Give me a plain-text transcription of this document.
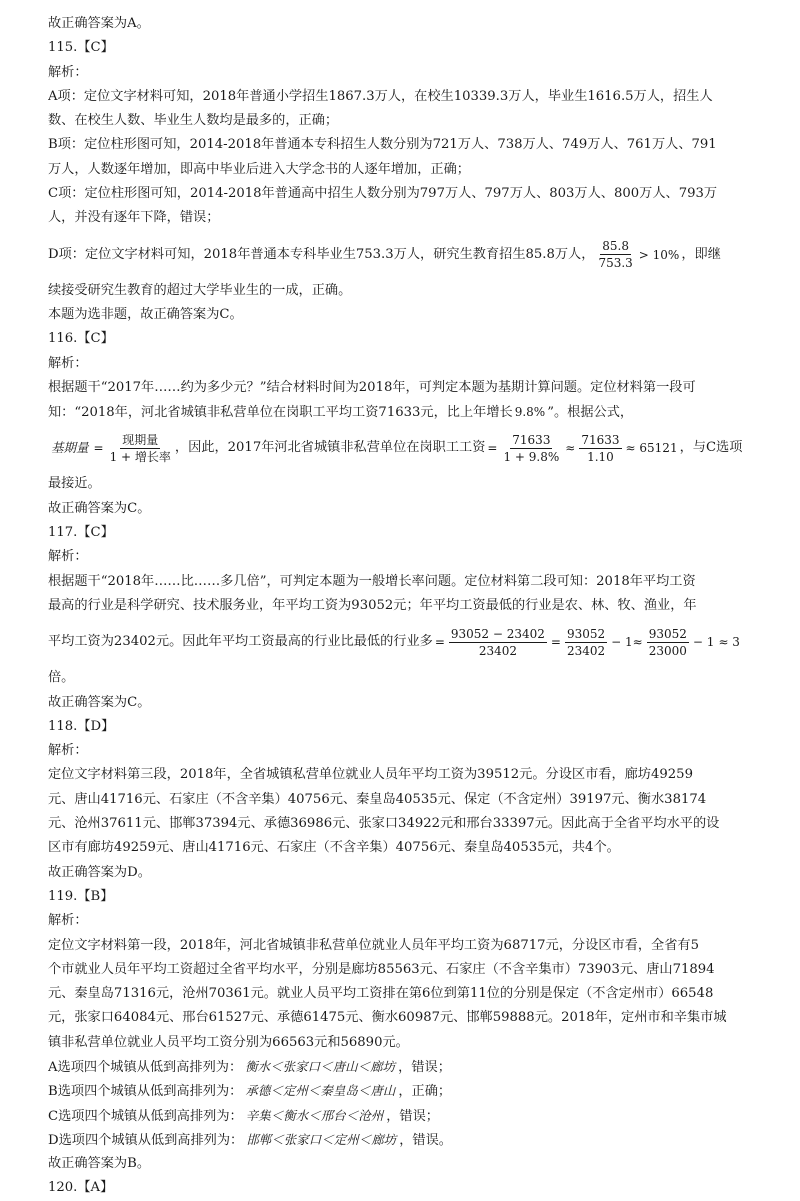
故正确答案为A。
115.【C】
解析：
A项：定位文字材料可知，2018年普通小学招生1867.3万人，在校生10339.3万人，毕业生1616.5万人，招生人
数、在校生人数、毕业生人数均是最多的，正确；
B项：定位柱形图可知，2014-2018年普通本专科招生人数分别为721万人、738万人、749万人、761万人、791
万人，人数逐年增加，即高中毕业后进入大学念书的人逐年增加，正确；
C项：定位柱形图可知，2014-2018年普通高中招生人数分别为797万人、797万人、803万人、800万人、793万
人，并没有逐年下降，错误；
D项：定位文字材料可知，2018年普通本专科毕业生753.3万人，研究生教育招生85.8万人， $\frac{85.8}{753.3} > 10\%$ ，即继
续接受研究生教育的超过大学毕业生的一成，正确。
本题为选非题，故正确答案为C。
116.【C】
解析：
根据题干“2017年……约为多少元？”结合材料时间为2018年，可判定本题为基期计算问题。定位材料第一段可
知：“2018年，河北省城镇非私营单位在岗职工平均工资71633元，比上年增长 9.8% ”。根据公式，
基期量 = $\frac{\text{现期量}}{\text{1 + 增长率}}$ ，因此，2017年河北省城镇非私营单位在岗职工工资 = $\frac{71633}{1 + 9.8\%} \approx \frac{71633}{1.10} \approx 65121$ ，与C选项
最接近。
故正确答案为C。
117.【C】
解析：
根据题干“2018年……比……多几倍”，可判定本题为一般增长率问题。定位材料第二段可知：2018年平均工资
最高的行业是科学研究、技术服务业，年平均工资为93052元；年平均工资最低的行业是农、林、牧、渔业，年
平均工资为23402元。因此年平均工资最高的行业比最低的行业多 = $\frac{93052 - 23402}{23402} = \frac{93052}{23402} - 1\approx \frac{93052}{23000} - 1 \approx 3$
倍。
故正确答案为C。
118.【D】
解析：
定位文字材料第三段，2018年，全省城镇私营单位就业人员年平均工资为39512元。分设区市看，廊坊49259
元、唐山41716元、石家庄（不含辛集）40756元、秦皇岛40535元、保定（不含定州）39197元、衡水38174
元、沧州37611元、邯郸37394元、承德36986元、张家口34922元和邢台33397元。因此高于全省平均水平的设
区市有廊坊49259元、唐山41716元、石家庄（不含辛集）40756元、秦皇岛40535元，共4个。
故正确答案为D。
119.【B】
解析：
定位文字材料第一段，2018年，河北省城镇非私营单位就业人员年平均工资为68717元，分设区市看，全省有5
个市就业人员年平均工资超过全省平均水平，分别是廊坊85563元、石家庄（不含辛集市）73903元、唐山71894
元、秦皇岛71316元，沧州70361元。就业人员平均工资排在第6位到第11位的分别是保定（不含定州市）66548
元，张家口64084元、邢台61527元、承德61475元、衡水60987元、邯郸59888元。2018年，定州市和辛集市城
镇非私营单位就业人员平均工资分别为66563元和56890元。
A选项四个城镇从低到高排列为： 衡水＜张家口＜唐山＜廊坊 ，错误；
B选项四个城镇从低到高排列为： 承德＜定州＜秦皇岛＜唐山 ，正确；
C选项四个城镇从低到高排列为： 辛集＜衡水＜邢台＜沧州 ，错误；
D选项四个城镇从低到高排列为： 邯郸＜张家口＜定州＜廊坊 ，错误。
故正确答案为B。
120.【A】
